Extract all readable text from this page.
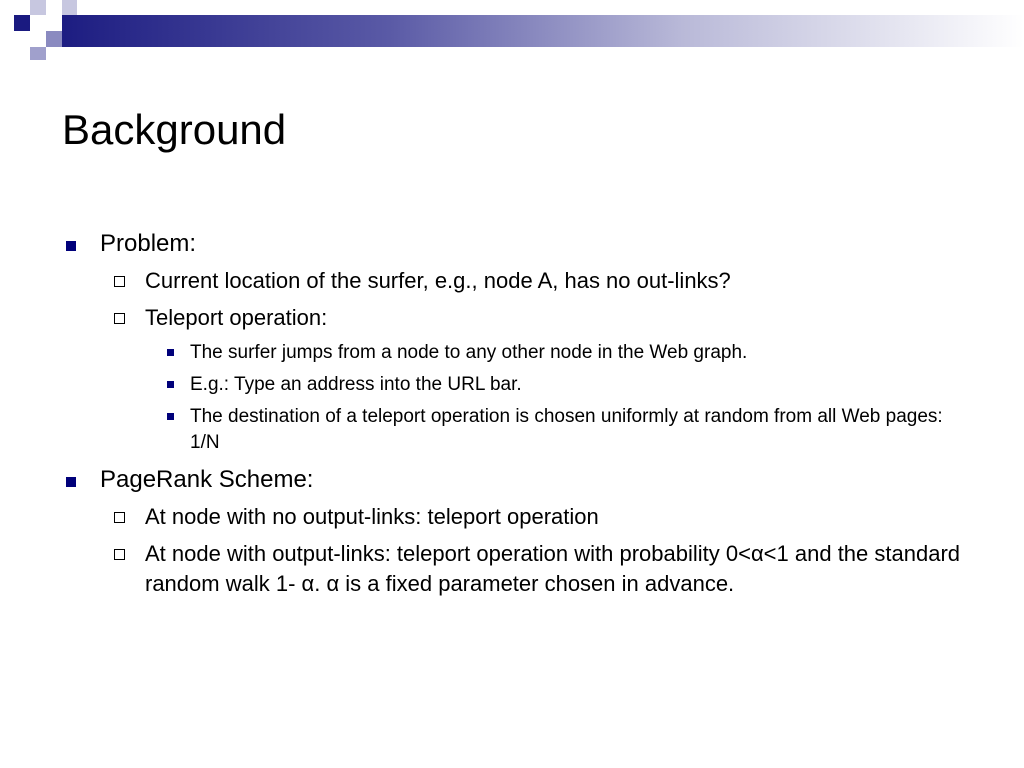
Background
Problem:
Current location of the surfer, e.g., node A, has no out-links?
Teleport operation:
The surfer jumps from a node to any other node in the Web graph.
E.g.: Type an address into the URL bar.
The destination of a teleport operation is chosen uniformly at random from all Web pages: 1/N
PageRank Scheme:
At node with no output-links: teleport operation
At node with output-links: teleport operation with probability 0<α<1 and the standard random walk 1- α. α is a fixed parameter chosen in advance.
